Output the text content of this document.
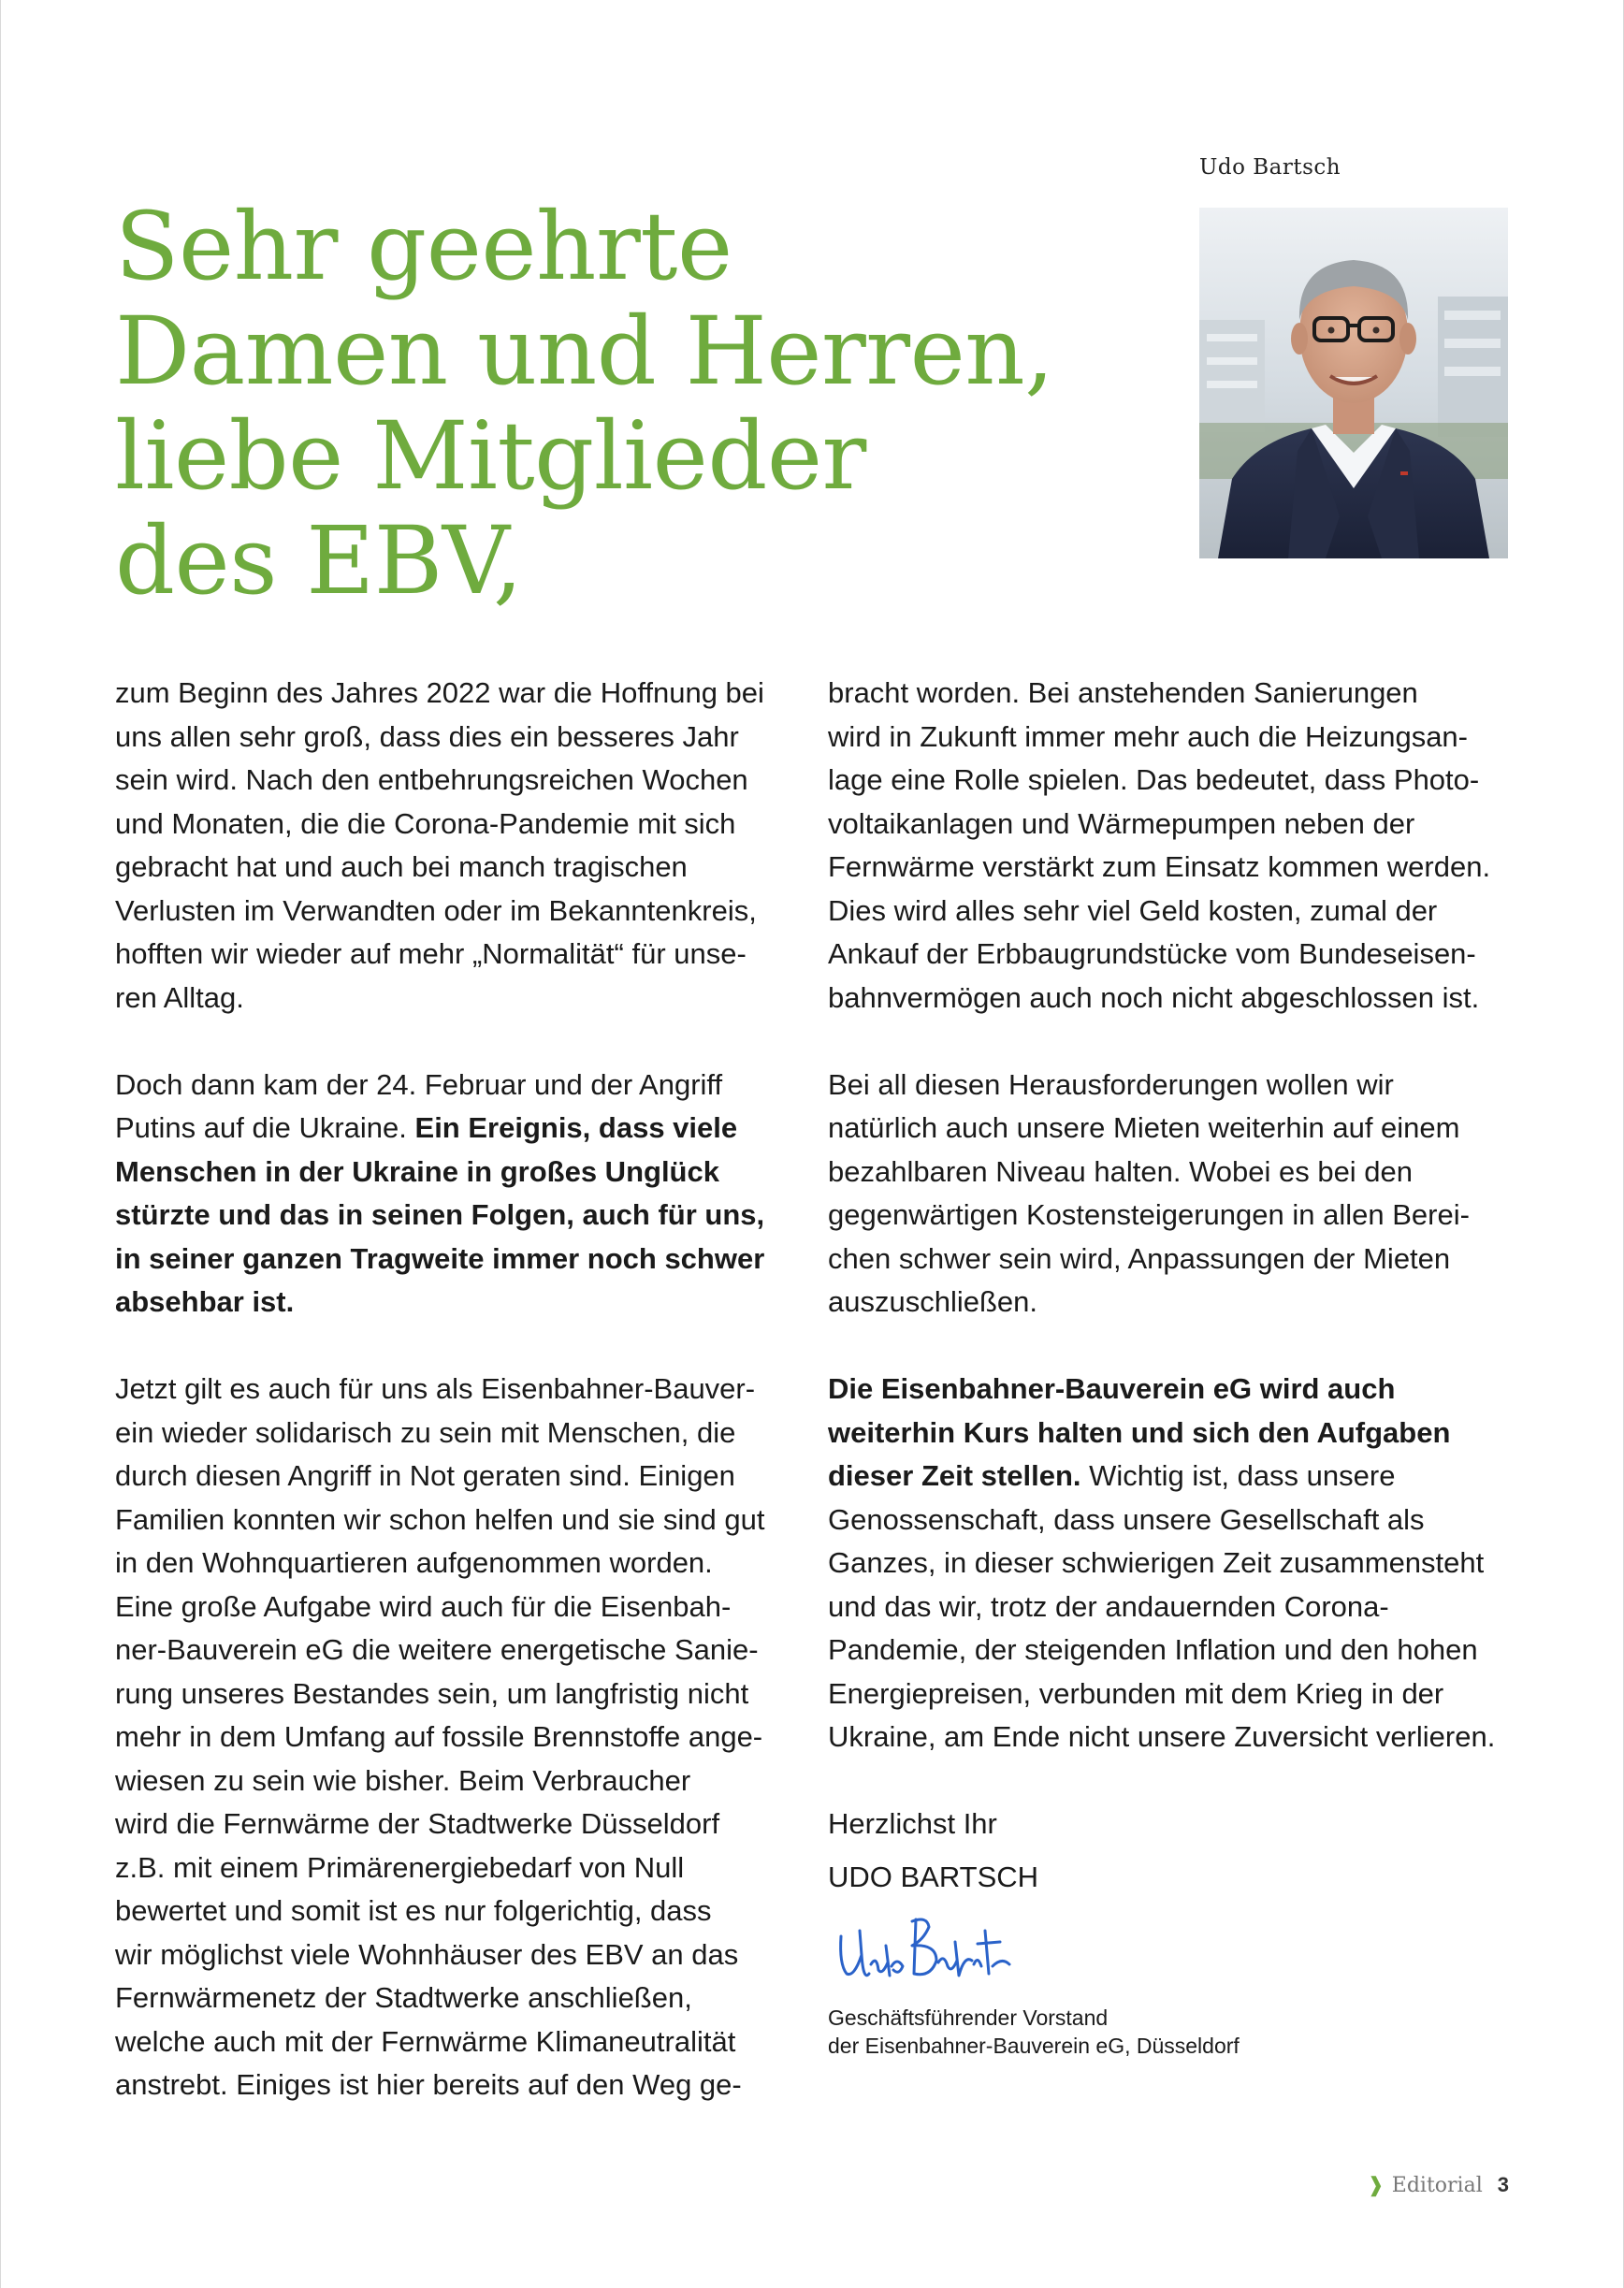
Udo Bartsch
Sehr geehrte
Damen und Herren,
liebe Mitglieder
des EBV,
zum Beginn des Jahres 2022 war die Hoffnung bei
uns allen sehr groß, dass dies ein besseres Jahr
sein wird. Nach den entbehrungsreichen Wochen
und Monaten, die die Corona-Pandemie mit sich
gebracht hat und auch bei manch tragischen
Verlusten im Verwandten oder im Bekanntenkreis,
hofften wir wieder auf mehr „Normalität“ für unse-
ren Alltag.
Doch dann kam der 24. Februar und der Angriff
Putins auf die Ukraine. Ein Ereignis, dass viele
Menschen in der Ukraine in großes Unglück
stürzte und das in seinen Folgen, auch für uns,
in seiner ganzen Tragweite immer noch schwer
absehbar ist.
Jetzt gilt es auch für uns als Eisenbahner-Bauver-
ein wieder solidarisch zu sein mit Menschen, die
durch diesen Angriff in Not geraten sind. Einigen
Familien konnten wir schon helfen und sie sind gut
in den Wohnquartieren aufgenommen worden.
Eine große Aufgabe wird auch für die Eisenbah-
ner-Bauverein eG die weitere energetische Sanie-
rung unseres Bestandes sein, um langfristig nicht
mehr in dem Umfang auf fossile Brennstoffe ange-
wiesen zu sein wie bisher. Beim Verbraucher
wird die Fernwärme der Stadtwerke Düsseldorf
z.B. mit einem Primärenergiebedarf von Null
bewertet und somit ist es nur folgerichtig, dass
wir möglichst viele Wohnhäuser des EBV an das
Fernwärmenetz der Stadtwerke anschließen,
welche auch mit der Fernwärme Klimaneutralität
anstrebt. Einiges ist hier bereits auf den Weg ge-
bracht worden. Bei anstehenden Sanierungen
wird in Zukunft immer mehr auch die Heizungsan-
lage eine Rolle spielen. Das bedeutet, dass Photo-
voltaikanlagen und Wärmepumpen neben der
Fernwärme verstärkt zum Einsatz kommen werden.
Dies wird alles sehr viel Geld kosten, zumal der
Ankauf der Erbbaugrundstücke vom Bundeseisen-
bahnvermögen auch noch nicht abgeschlossen ist.
Bei all diesen Herausforderungen wollen wir
natürlich auch unsere Mieten weiterhin auf einem
bezahlbaren Niveau halten. Wobei es bei den
gegenwärtigen Kostensteigerungen in allen Berei-
chen schwer sein wird, Anpassungen der Mieten
auszuschließen.
Die Eisenbahner-Bauverein eG wird auch
weiterhin Kurs halten und sich den Aufgaben
dieser Zeit stellen. Wichtig ist, dass unsere
Genossenschaft, dass unsere Gesellschaft als
Ganzes, in dieser schwierigen Zeit zusammensteht
und das wir, trotz der andauernden Corona-
Pandemie, der steigenden Inflation und den hohen
Energiepreisen, verbunden mit dem Krieg in der
Ukraine, am Ende nicht unsere Zuversicht verlieren.
Herzlichst Ihr
UDO BARTSCH
Geschäftsführender Vorstand
der Eisenbahner-Bauverein eG, Düsseldorf
❱ Editorial 3
